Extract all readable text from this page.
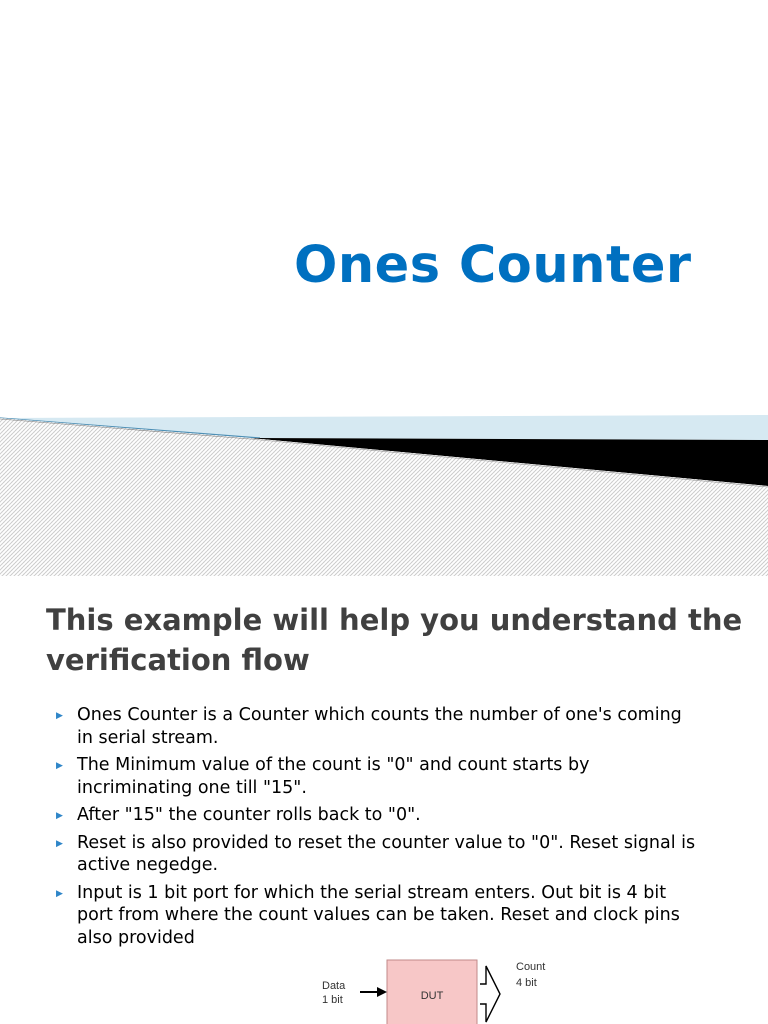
Ones Counter
This example will help you understand the verification flow
▶ Ones Counter is a Counter which counts the number of one's coming in serial stream.
▶ The Minimum value of the count is "0" and count starts by incriminating one till "15".
▶ After "15" the counter rolls back to "0".
▶ Reset is also provided to reset the counter value to "0". Reset signal is active negedge.
▶ Input is 1 bit port for which the serial stream enters. Out bit is 4 bit port from where the count values can be taken. Reset and clock pins also provided
DUT
Data
1 bit
Count
4 bit
